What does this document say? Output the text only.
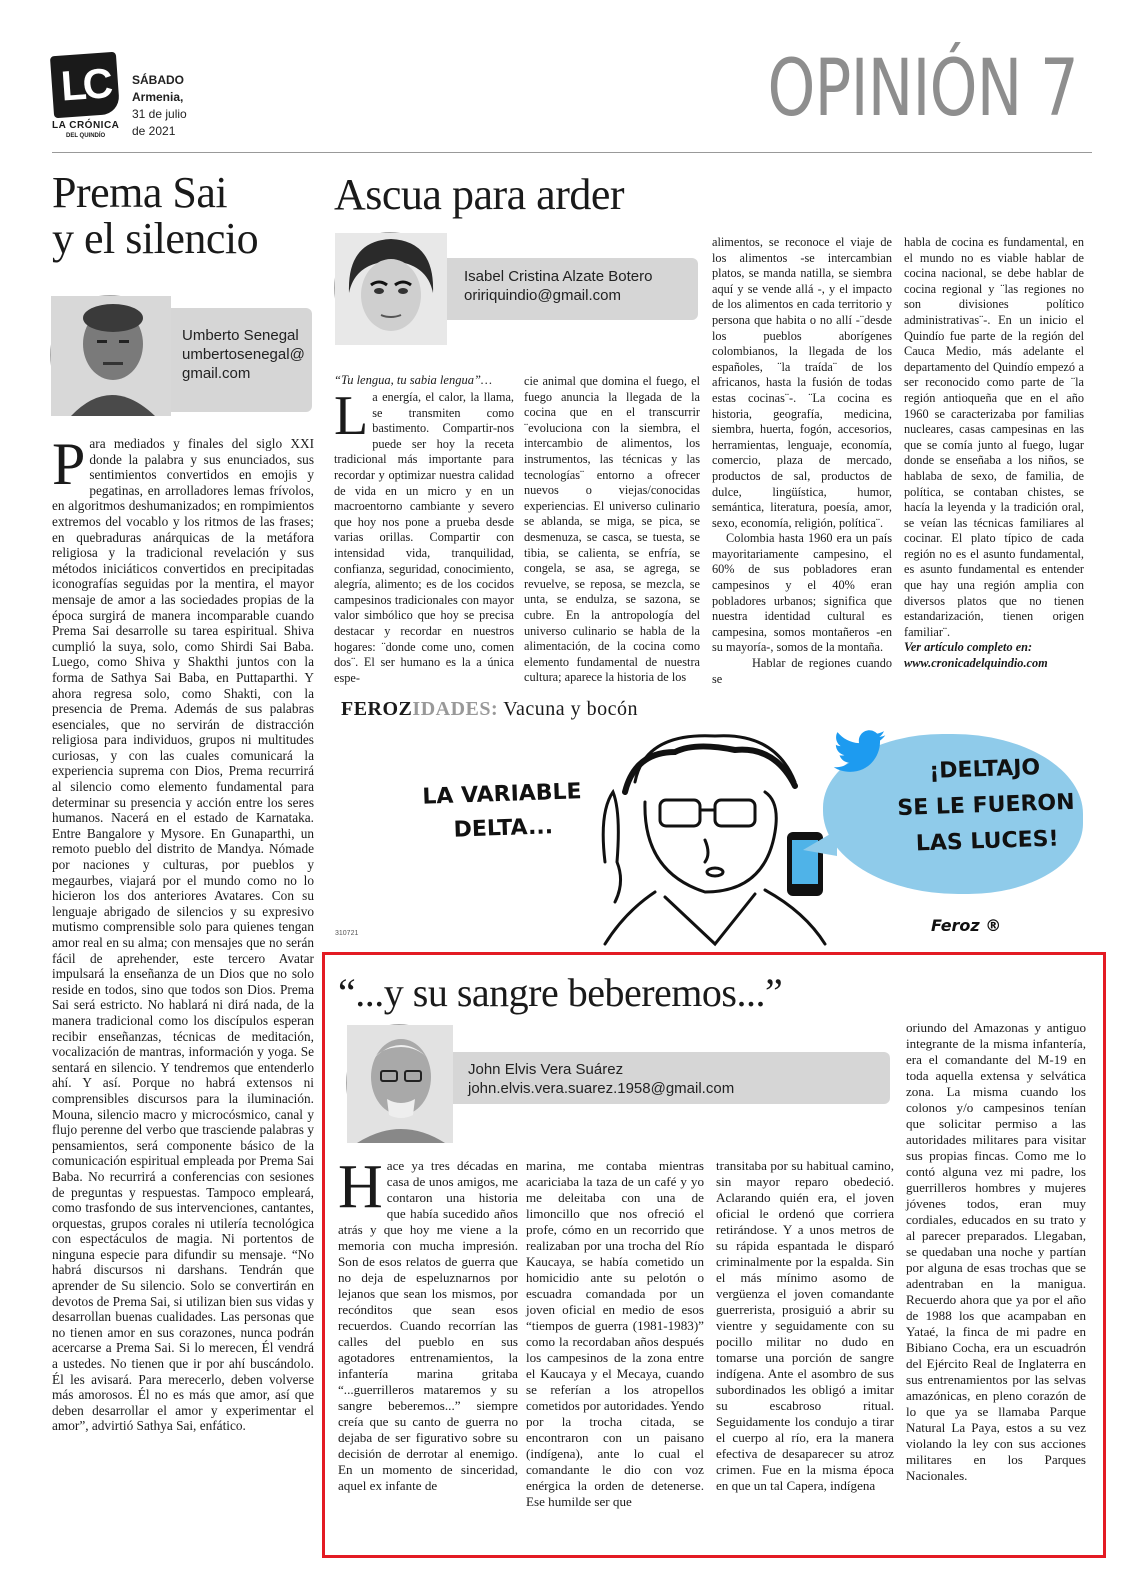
LC
LA CRÓNICA
DEL QUINDÍO
SÁBADO
Armenia,
31 de julio
de 2021	OPINIÓN 7
Prema Sai
y el silencio
Umberto Senegal
umbertosenegal@
gmail.com
Para mediados y finales del siglo XXI donde la palabra y sus enunciados, sus sentimientos convertidos en emojis y pegatinas, en arrolladores lemas frívolos, en algoritmos deshumanizados; en rompimientos extremos del vocablo y los ritmos de las frases; en quebraduras anárquicas de la metáfora religiosa y la tradicional revelación y sus métodos iniciáticos convertidos en precipitadas iconografías seguidas por la mentira, el mayor mensaje de amor a las sociedades propias de la época surgirá de manera incomparable cuando Prema Sai desarrolle su tarea espiritual. Shiva cumplió la suya, solo, como Shirdi Sai Baba. Luego, como Shiva y Shakthi juntos con la forma de Sathya Sai Baba, en Puttaparthi. Y ahora regresa solo, como Shakti, con la presencia de Prema. Además de sus palabras esenciales, que no servirán de distracción religiosa para individuos, grupos ni multitudes curiosas, y con las cuales comunicará la experiencia suprema con Dios, Prema recurrirá al silencio como elemento fundamental para determinar su presencia y acción entre los seres humanos. Nacerá en el estado de Karnataka. Entre Bangalore y Mysore. En Gunaparthi, un remoto pueblo del distrito de Mandya. Nómade por naciones y culturas, por pueblos y megaurbes, viajará por el mundo como no lo hicieron los dos anteriores Avatares. Con su lenguaje abrigado de silencios y su expresivo mutismo comprensible solo para quienes tengan amor real en su alma; con mensajes que no serán fácil de aprehender, este tercero Avatar impulsará la enseñanza de un Dios que no solo reside en todos, sino que todos son Dios. Prema Sai será estricto. No hablará ni dirá nada, de la manera tradicional como los discípulos esperan recibir enseñanzas, técnicas de meditación, vocalización de mantras, información y yoga. Se sentará en silencio. Y tendremos que entenderlo ahí. Y así. Porque no habrá extensos ni comprensibles discursos para la iluminación. Mouna, silencio macro y microcósmico, canal y flujo perenne del verbo que trasciende palabras y pensamientos, será componente básico de la comunicación espiritual empleada por Prema Sai Baba. No recurrirá a conferencias con sesiones de preguntas y respuestas. Tampoco empleará, como trasfondo de sus intervenciones, cantantes, orquestas, grupos corales ni utilería tecnológica con espectáculos de magia. Ni portentos de ninguna especie para difundir su mensaje. “No habrá discursos ni darshans. Tendrán que aprender de Su silencio. Solo se convertirán en devotos de Prema Sai, si utilizan bien sus vidas y desarrollan buenas cualidades. Las personas que no tienen amor en sus corazones, nunca podrán acercarse a Prema Sai. Si lo merecen, Él vendrá a ustedes. No tienen que ir por ahí buscándolo. Él les avisará. Para merecerlo, deben volverse más amorosos. Él no es más que amor, así que deben desarrollar el amor y experimentar el amor”, advirtió Sathya Sai, enfático.
Ascua para arder
Isabel Cristina Alzate Botero
oririquindio@gmail.com
“Tu lengua, tu sabia lengua”…
La energía, el calor, la llama, se transmiten como bastimento. Compartir-nos puede ser hoy la receta tradicional más importante para recordar y optimizar nuestra calidad de vida en un micro y en un macroentorno cambiante y severo que hoy nos pone a prueba desde varias orillas. Compartir con intensidad vida, tranquilidad, confianza, seguridad, conocimiento, alegría, alimento; es de los cocidos campesinos tradicionales con mayor valor simbólico que hoy se precisa destacar y recordar en nuestros hogares: ¨donde come uno, comen dos¨. El ser humano es la a única espe-
cie animal que domina el fuego, el fuego anuncia la llegada de la cocina que en el transcurrir ¨evoluciona con la siembra, el intercambio de alimentos, los instrumentos, las técnicas y las tecnologías¨ entorno a ofrecer nuevos o viejas/conocidas experiencias. El universo culinario se ablanda, se miga, se pica, se desmenuza, se casca, se tuesta, se tibia, se calienta, se enfría, se congela, se asa, se agrega, se revuelve, se reposa, se mezcla, se unta, se endulza, se sazona, se cubre. En la antropología del universo culinario se habla de la alimentación, de la cocina como elemento fundamental de nuestra cultura; aparece la historia de los

alimentos, se reconoce el viaje de los alimentos -se intercambian platos, se manda natilla, se siembra aquí y se vende allá -, y el impacto de los alimentos en cada territorio y persona que habita o no allí -¨desde los pueblos aborígenes colombianos, la llegada de los españoles, ¨la traída¨ de los africanos, hasta la fusión de todas estas cocinas¨-. ¨La cocina es historia, geografía, medicina, siembra, huerta, fogón, accesorios, herramientas, lenguaje, economía, comercio, plaza de mercado, productos de sal, productos de dulce, lingüística, humor, semántica, literatura, poesía, amor, sexo, economía, religión, política¨.

Colombia hasta 1960 era un país mayoritariamente campesino, el 60% de sus pobladores eran campesinos y el 40% eran pobladores urbanos; significa que nuestra identidad cultural es campesina, somos montañeros -en su mayoría-, somos de la montaña.

Hablar de regiones cuando se

habla de cocina es fundamental, en el mundo no es viable hablar de cocina nacional, se debe hablar de cocina regional y ¨las regiones no son divisiones político administrativas¨-. En un inicio el Quindío fue parte de la región del Cauca Medio, más adelante el departamento del Quindío empezó a ser reconocido como parte de ¨la región antioqueña que en el año 1960 se caracterizaba por familias nucleares, casas campesinas en las que se comía junto al fuego, lugar donde se enseñaba a los niños, se hablaba de sexo, de familia, de política, se contaban chistes, se hacía la leyenda y la tradición oral, se veían las técnicas familiares al cocinar. El plato típico de cada región no es el asunto fundamental, es asunto fundamental es entender que hay una región amplia con diversos platos que no tienen estandarización, tienen origen familiar¨.

Ver artículo completo en:

www.cronicadelquindio.com

FEROZIDADES: Vacuna y bocón
LA VARIABLE
DELTA...
¡DELTAJO
SE LE FUERON
LAS LUCES!
310721	Feroz ®
“...y su sangre beberemos...”
John Elvis Vera Suárez
john.elvis.vera.suarez.1958@gmail.com
Hace ya tres décadas en casa de unos amigos, me contaron una historia que había sucedido años atrás y que hoy me viene a la memoria con mucha impresión. Son de esos relatos de guerra que no deja de espeluznarnos por lejanos que sean los mismos, por recónditos que sean esos recuerdos. Cuando recorrían las calles del pueblo en sus agotadores entrenamientos, la infantería marina gritaba “...guerrilleros mataremos y su sangre beberemos...” siempre creía que su canto de guerra no dejaba de ser figurativo sobre su decisión de derrotar al enemigo. En un momento de sinceridad, aquel ex infante de
marina, me contaba mientras acariciaba la taza de un café y yo me deleitaba con una de limoncillo que nos ofreció el profe, cómo en un recorrido que realizaban por una trocha del Río Kaucaya, se había cometido un homicidio ante su pelotón o escuadra comandada por un joven oficial en medio de esos “tiempos de guerra (1981-1983)” como la recordaban años después los campesinos de la zona entre el Kaucaya y el Mecaya, cuando se referían a los atropellos cometidos por autoridades. Yendo por la trocha citada, se encontraron con un paisano (indígena), ante lo cual el comandante le dio con voz enérgica la orden de detenerse. Ese humilde ser que
transitaba por su habitual camino, sin mayor reparo obedeció. Aclarando quién era, el joven oficial le ordenó que corriera retirándose. Y a unos metros de su rápida espantada le disparó criminalmente por la espalda. Sin el más mínimo asomo de vergüenza el joven comandante guerrerista, prosiguió a abrir su vientre y seguidamente con su pocillo militar no dudo en tomarse una porción de sangre indígena. Ante el asombro de sus subordinados les obligó a imitar su escabroso ritual. Seguidamente los condujo a tirar el cuerpo al río, era la manera efectiva de desaparecer su atroz crimen. Fue en la misma época en que un tal Capera, indígena
oriundo del Amazonas y antiguo integrante de la misma infantería, era el comandante del M-19 en toda aquella extensa y selvática zona. La misma cuando los colonos y/o campesinos tenían que solicitar permiso a las autoridades militares para visitar sus propias fincas. Como me lo contó alguna vez mi padre, los guerrilleros hombres y mujeres jóvenes todos, eran muy cordiales, educados en su trato y al parecer preparados. Llegaban, se quedaban una noche y partían por alguna de esas trochas que se adentraban en la manigua. Recuerdo ahora que ya por el año de 1988 los que acampaban en Yataé, la finca de mi padre en Bibiano Cocha, era un escuadrón del Ejército Real de Inglaterra en sus entrenamientos por las selvas amazónicas, en pleno corazón de lo que ya se llamaba Parque Natural La Paya, estos a su vez violando la ley con sus acciones militares en los Parques Nacionales.
